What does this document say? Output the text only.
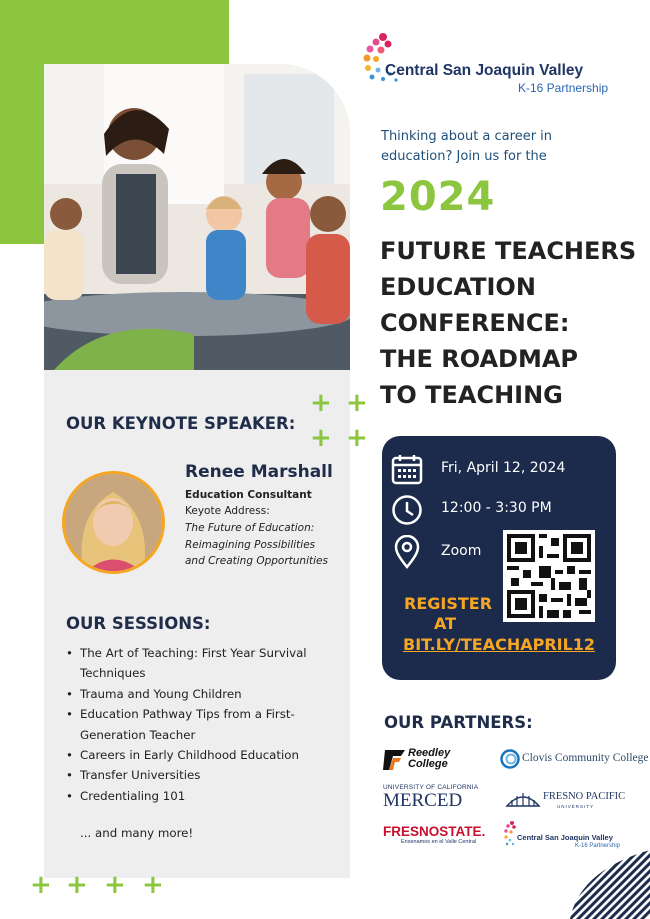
Central San Joaquin Valley
K-16 Partnership
Thinking about a career in education? Join us for the
2024
FUTURE TEACHERS
EDUCATION
CONFERENCE:
THE ROADMAP
TO TEACHING
+ +
+ +
+ + + +
OUR KEYNOTE SPEAKER:
Renee Marshall
Education Consultant
Keyote Address:
The Future of Education: Reimagining Possibilities and Creating Opportunities
OUR SESSIONS:
• The Art of Teaching: First Year Survival Techniques
• Trauma and Young Children
• Education Pathway Tips from a First-Generation Teacher
• Careers in Early Childhood Education
• Transfer Universities
• Credentialing 101
... and many more!
Fri, April 12, 2024
12:00 - 3:30 PM
Zoom
REGISTER
AT
BIT.LY/TEACHAPRIL12
OUR PARTNERS:
Reedley College	Clovis Community College
UNIVERSITY OF CALIFORNIA
MERCED	FRESNO PACIFIC
UNIVERSITY
FRESNOSTATE.
Ensenamos en el Valle Central	Central San Joaquin Valley
K-16 Partnership
